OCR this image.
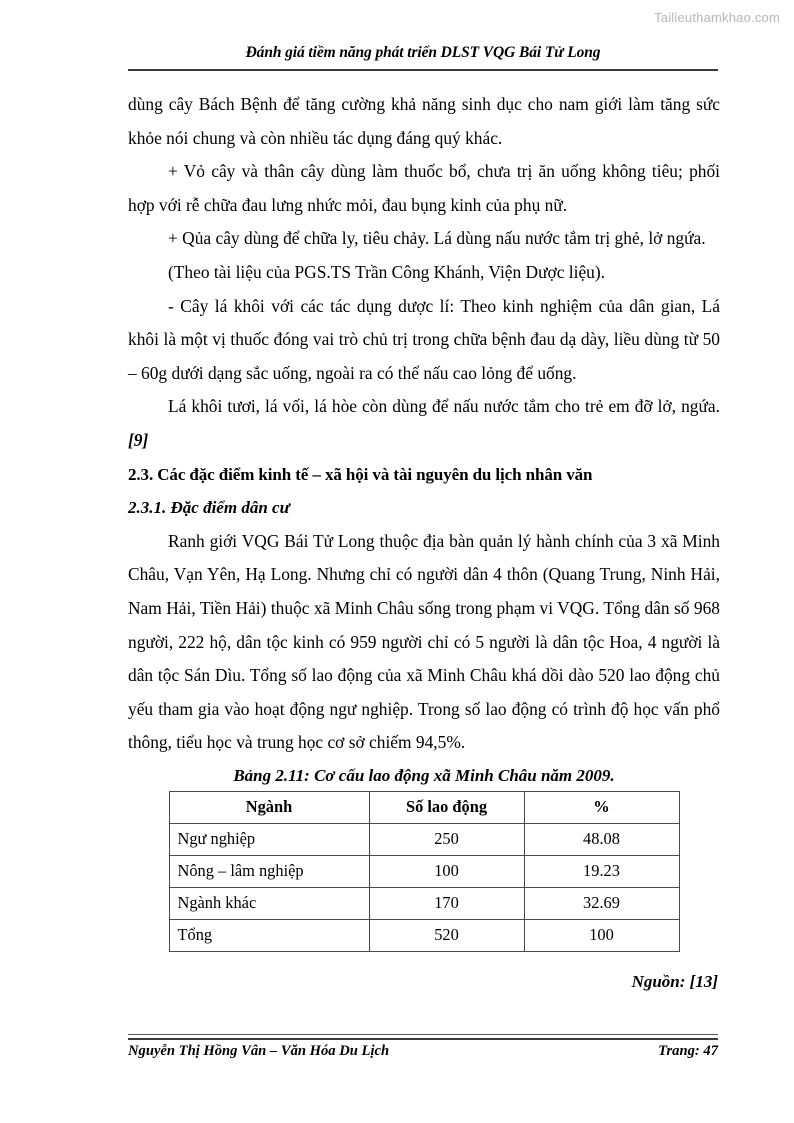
Tailieuthamkhao.com
Đánh giá tiềm năng phát triển DLST VQG Bái Tử Long

dùng cây Bách Bệnh để tăng cường khả năng sinh dục cho nam giới làm tăng sức khỏe nói chung và còn nhiều tác dụng đáng quý khác.

+ Vỏ cây và thân cây dùng làm thuốc bổ, chưa trị ăn uống không tiêu; phối hợp với rễ chữa đau lưng nhức mỏi, đau bụng kinh của phụ nữ.

+ Qủa cây dùng để chữa ly, tiêu chảy. Lá dùng nấu nước tắm trị ghẻ, lở ngứa.

(Theo tài liệu của PGS.TS Trần Công Khánh, Viện Dược liệu).

- Cây lá khôi với các tác dụng dược lí: Theo kinh nghiệm của dân gian, Lá khôi là một vị thuốc đóng vai trò chủ trị trong chữa bệnh đau dạ dày, liều dùng từ 50 – 60g dưới dạng sắc uống, ngoài ra có thể nấu cao lỏng để uống.

Lá khôi tươi, lá vối, lá hòe còn dùng để nấu nước tắm cho trẻ em đỡ lở, ngứa. [9]

2.3. Các đặc điểm kinh tế – xã hội và tài nguyên du lịch nhân văn
2.3.1. Đặc điểm dân cư

Ranh giới VQG Bái Tử Long thuộc địa bàn quản lý hành chính của 3 xã Minh Châu, Vạn Yên, Hạ Long. Nhưng chỉ có người dân 4 thôn (Quang Trung, Ninh Hải, Nam Hải, Tiền Hải) thuộc xã Minh Châu sống trong phạm vi VQG. Tổng dân số 968 người, 222 hộ, dân tộc kinh có 959 người chỉ có 5 người là dân tộc Hoa, 4 người là dân tộc Sán Dìu. Tổng số lao động của xã Minh Châu khá dồi dào 520 lao động chủ yếu tham gia vào hoạt động ngư nghiệp. Trong số lao động có trình độ học vấn phổ thông, tiểu học và trung học cơ sở chiếm 94,5%.

Bảng 2.11: Cơ cấu lao động xã Minh Châu năm 2009.
Ngành	Số lao động	%
Ngư nghiệp	250	48.08
Nông – lâm nghiệp	100	19.23
Ngành khác	170	32.69
Tổng	520	100
Nguồn: [13]
Nguyễn Thị Hồng Vân – Văn Hóa Du Lịch	Trang: 47
